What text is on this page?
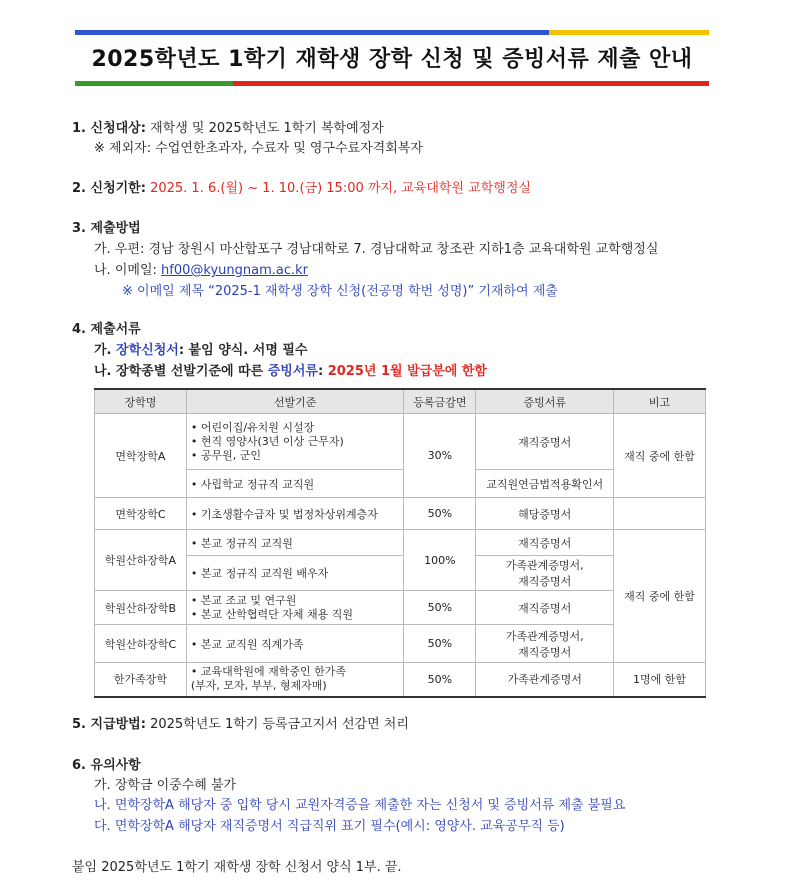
2025학년도 1학기 재학생 장학 신청 및 증빙서류 제출 안내
1. 신청대상: 재학생 및 2025학년도 1학기 복학예정자
※ 제외자: 수업연한초과자, 수료자 및 영구수료자격회복자
2. 신청기한: 2025. 1. 6.(월) ~ 1. 10.(금) 15:00 까지, 교육대학원 교학행정실
3. 제출방법
가. 우편: 경남 창원시 마산합포구 경남대학로 7. 경남대학교 창조관 지하1층 교육대학원 교학행정실
나. 이메일: hf00@kyungnam.ac.kr
※ 이메일 제목 “2025-1 재학생 장학 신청(전공명 학번 성명)” 기재하여 제출
4. 제출서류
가. 장학신청서: 붙임 양식. 서명 필수
나. 장학종별 선발기준에 따른 증빙서류: 2025년 1월 발급분에 한함
장학명	선발기준	등록금감면	증빙서류	비고
면학장학A	• 어린이집/유치원 시설장
• 현직 영양사(3년 이상 근무자)
• 공무원, 군인	30%	재직증명서	재직 중에 한함
	• 사립학교 정규직 교직원		교직원연금법적용확인서	
면학장학C	• 기초생활수급자 및 법정차상위계층자	50%	해당증명서	
학원산하장학A	• 본교 정규직 교직원	100%	재직증명서	재직 중에 한함
	• 본교 정규직 교직원 배우자		가족관계증명서,
재직증명서	

학원산하장학B	• 본교 조교 및 연구원
• 본교 산학협력단 자체 채용 직원	50%	재직증명서	
학원산하장학C	• 본교 교직원 직계가족	50%	가족관계증명서,
재직증명서	

한가족장학	• 교육대학원에 재학중인 한가족
(부자, 모자, 부부, 형제자매)	50%	가족관계증명서	1명에 한함
5. 지급방법: 2025학년도 1학기 등록금고지서 선감면 처리
6. 유의사항
가. 장학금 이중수혜 불가
나. 면학장학A 해당자 중 입학 당시 교원자격증을 제출한 자는 신청서 및 증빙서류 제출 불필요
다. 면학장학A 해당자 재직증명서 직급직위 표기 필수(예시: 영양사. 교육공무직 등)
붙임 2025학년도 1학기 재학생 장학 신청서 양식 1부. 끝.
